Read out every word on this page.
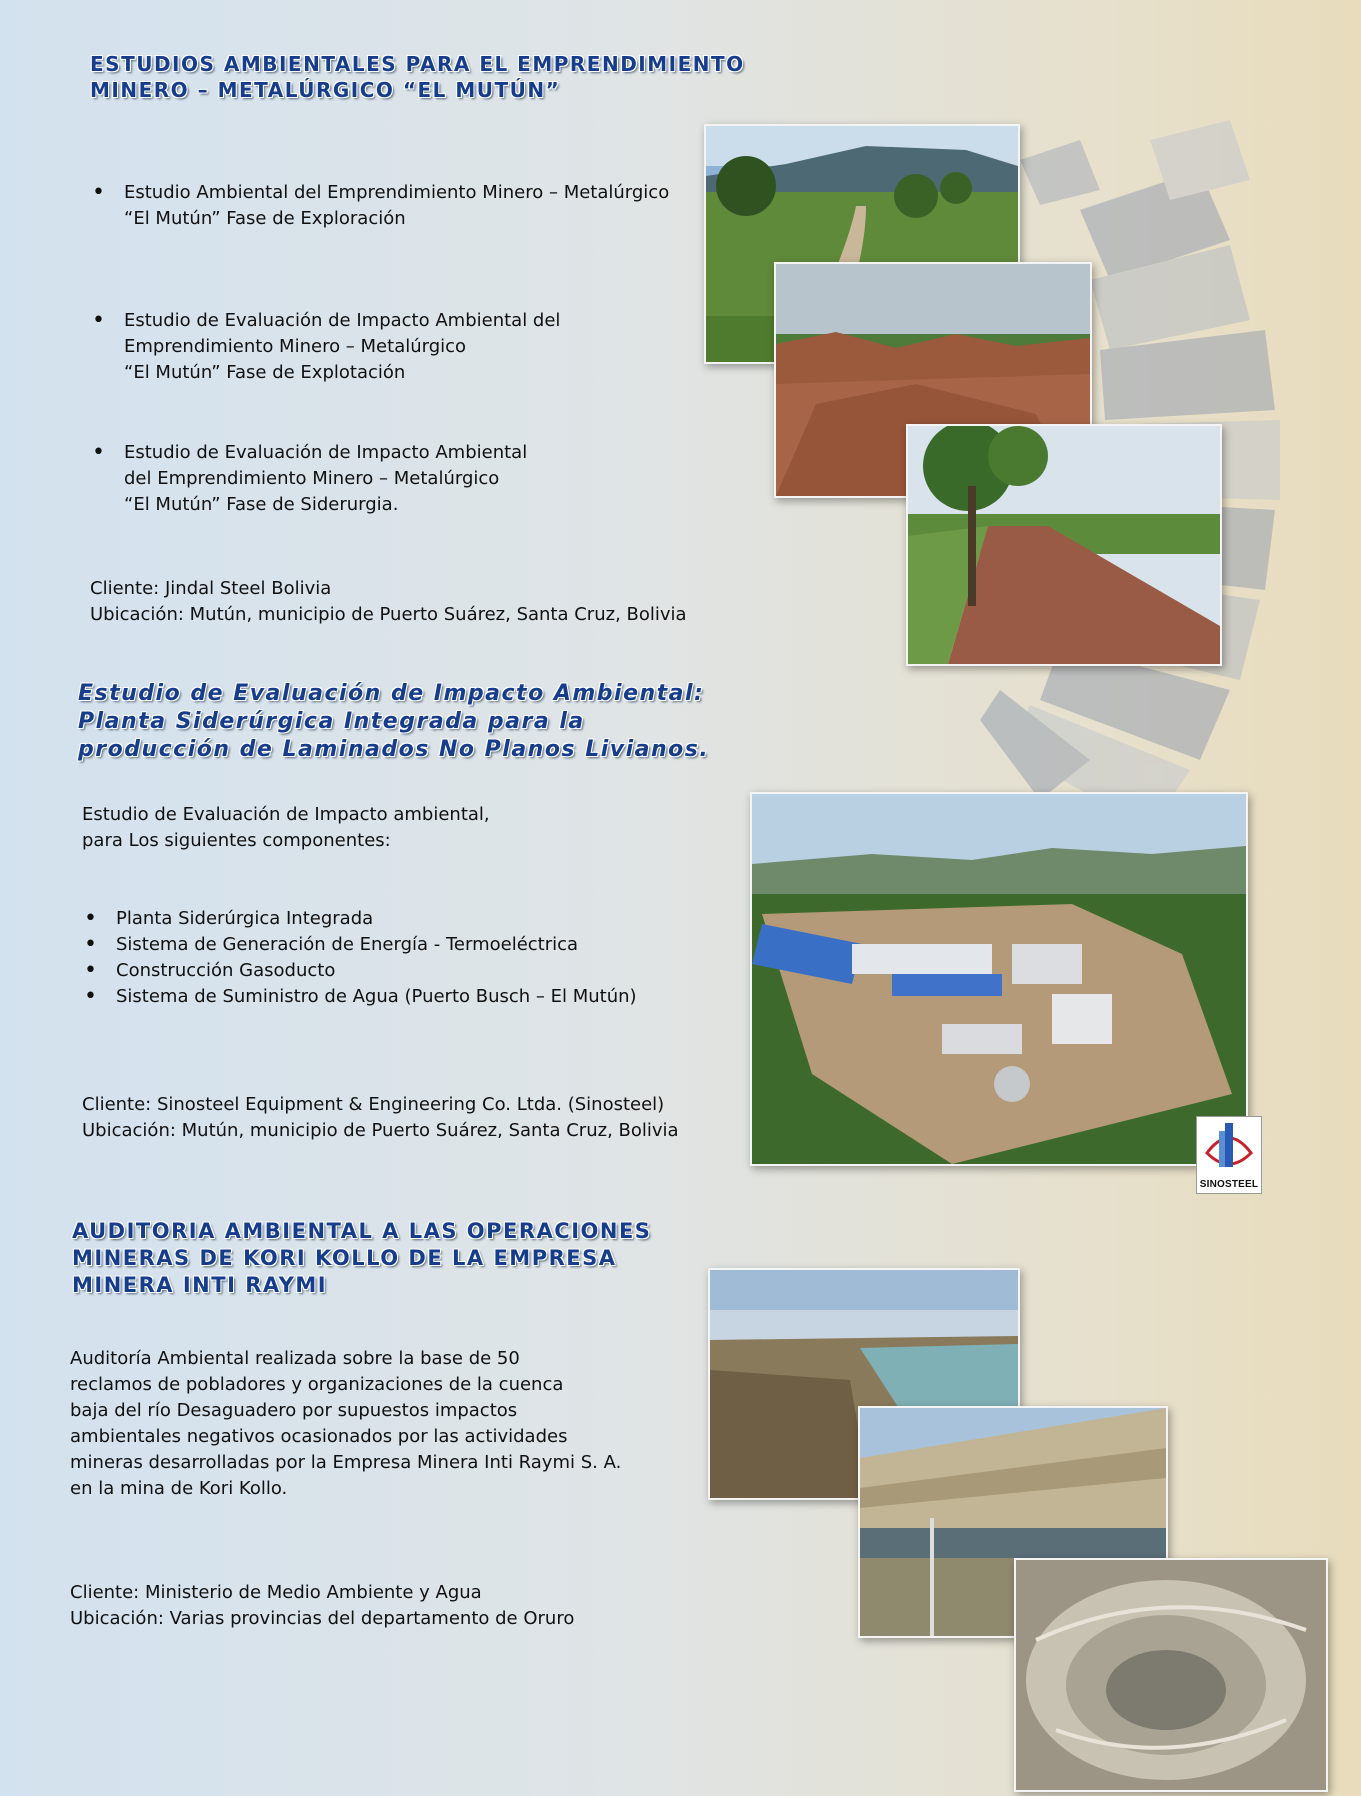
ESTUDIOS AMBIENTALES PARA EL EMPRENDIMIENTO
MINERO – METALÚRGICO “EL MUTÚN”
• Estudio Ambiental del Emprendimiento Minero – Metalúrgico
“El Mutún” Fase de Exploración
• Estudio de Evaluación de Impacto Ambiental del
Emprendimiento Minero – Metalúrgico
“El Mutún” Fase de Explotación
• Estudio de Evaluación de Impacto Ambiental
del Emprendimiento Minero – Metalúrgico
“El Mutún” Fase de Siderurgia.
Cliente: Jindal Steel Bolivia
Ubicación: Mutún, municipio de Puerto Suárez, Santa Cruz, Bolivia
Estudio de Evaluación de Impacto Ambiental:
Planta Siderúrgica Integrada para la
producción de Laminados No Planos Livianos.
Estudio de Evaluación de Impacto ambiental,
para Los siguientes componentes:
• Planta Siderúrgica Integrada
• Sistema de Generación de Energía - Termoeléctrica
• Construcción Gasoducto
• Sistema de Suministro de Agua (Puerto Busch – El Mutún)
Cliente: Sinosteel Equipment & Engineering Co. Ltda. (Sinosteel)
Ubicación: Mutún, municipio de Puerto Suárez, Santa Cruz, Bolivia
SINOSTEEL
AUDITORIA AMBIENTAL A LAS OPERACIONES
MINERAS DE KORI KOLLO DE LA EMPRESA
MINERA INTI RAYMI
Auditoría Ambiental realizada sobre la base de 50
reclamos de pobladores y organizaciones de la cuenca
baja del río Desaguadero por supuestos impactos
ambientales negativos ocasionados por las actividades
mineras desarrolladas por la Empresa Minera Inti Raymi S. A.
en la mina de Kori Kollo.
Cliente: Ministerio de Medio Ambiente y Agua
Ubicación: Varias provincias del departamento de Oruro
